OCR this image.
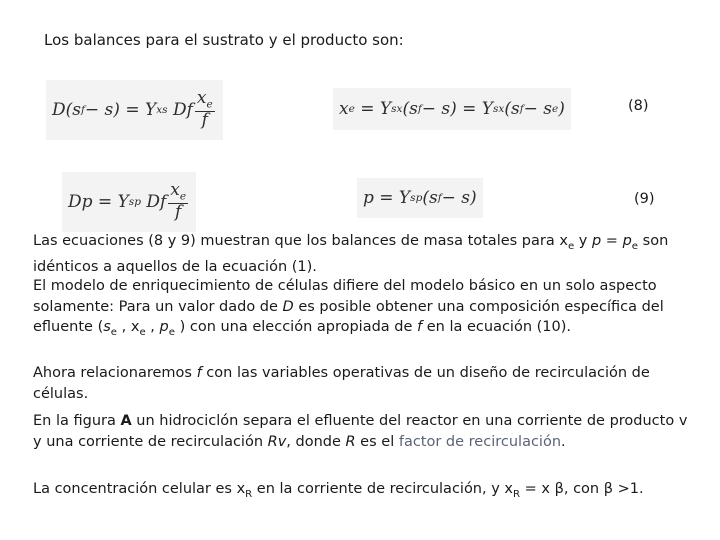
Los balances para el sustrato y el producto son:
D(s f − s) = Y xs
Df $\frac{x_e}{f}$	x e = Y sx (s f − s) = Y sx (s f − s e )	(8)
Dp = Y sp
Df $\frac{x_e}{f}$	p = Y sp (s f − s)	(9)
Las ecuaciones (8 y 9) muestran que los balances de masa totales para $x_e$ y $p = p_e$ son idénticos a aquellos de la ecuación (1).
El modelo de enriquecimiento de células difiere del modelo básico en un solo aspecto solamente: Para un valor dado de D es posible obtener una composición específica del efluente ($s_e$ , $x_e$ , $p_e$ ) con una elección apropiada de f en la ecuación (10).
Ahora relacionaremos f con las variables operativas de un diseño de recirculación de células.
En la figura A un hidrociclón separa el efluente del reactor en una corriente de producto v y una corriente de recirculación Rv, donde R es el factor de recirculación.
La concentración celular es $x_R$ en la corriente de recirculación, y $x_R = x$ β, con β >1.
